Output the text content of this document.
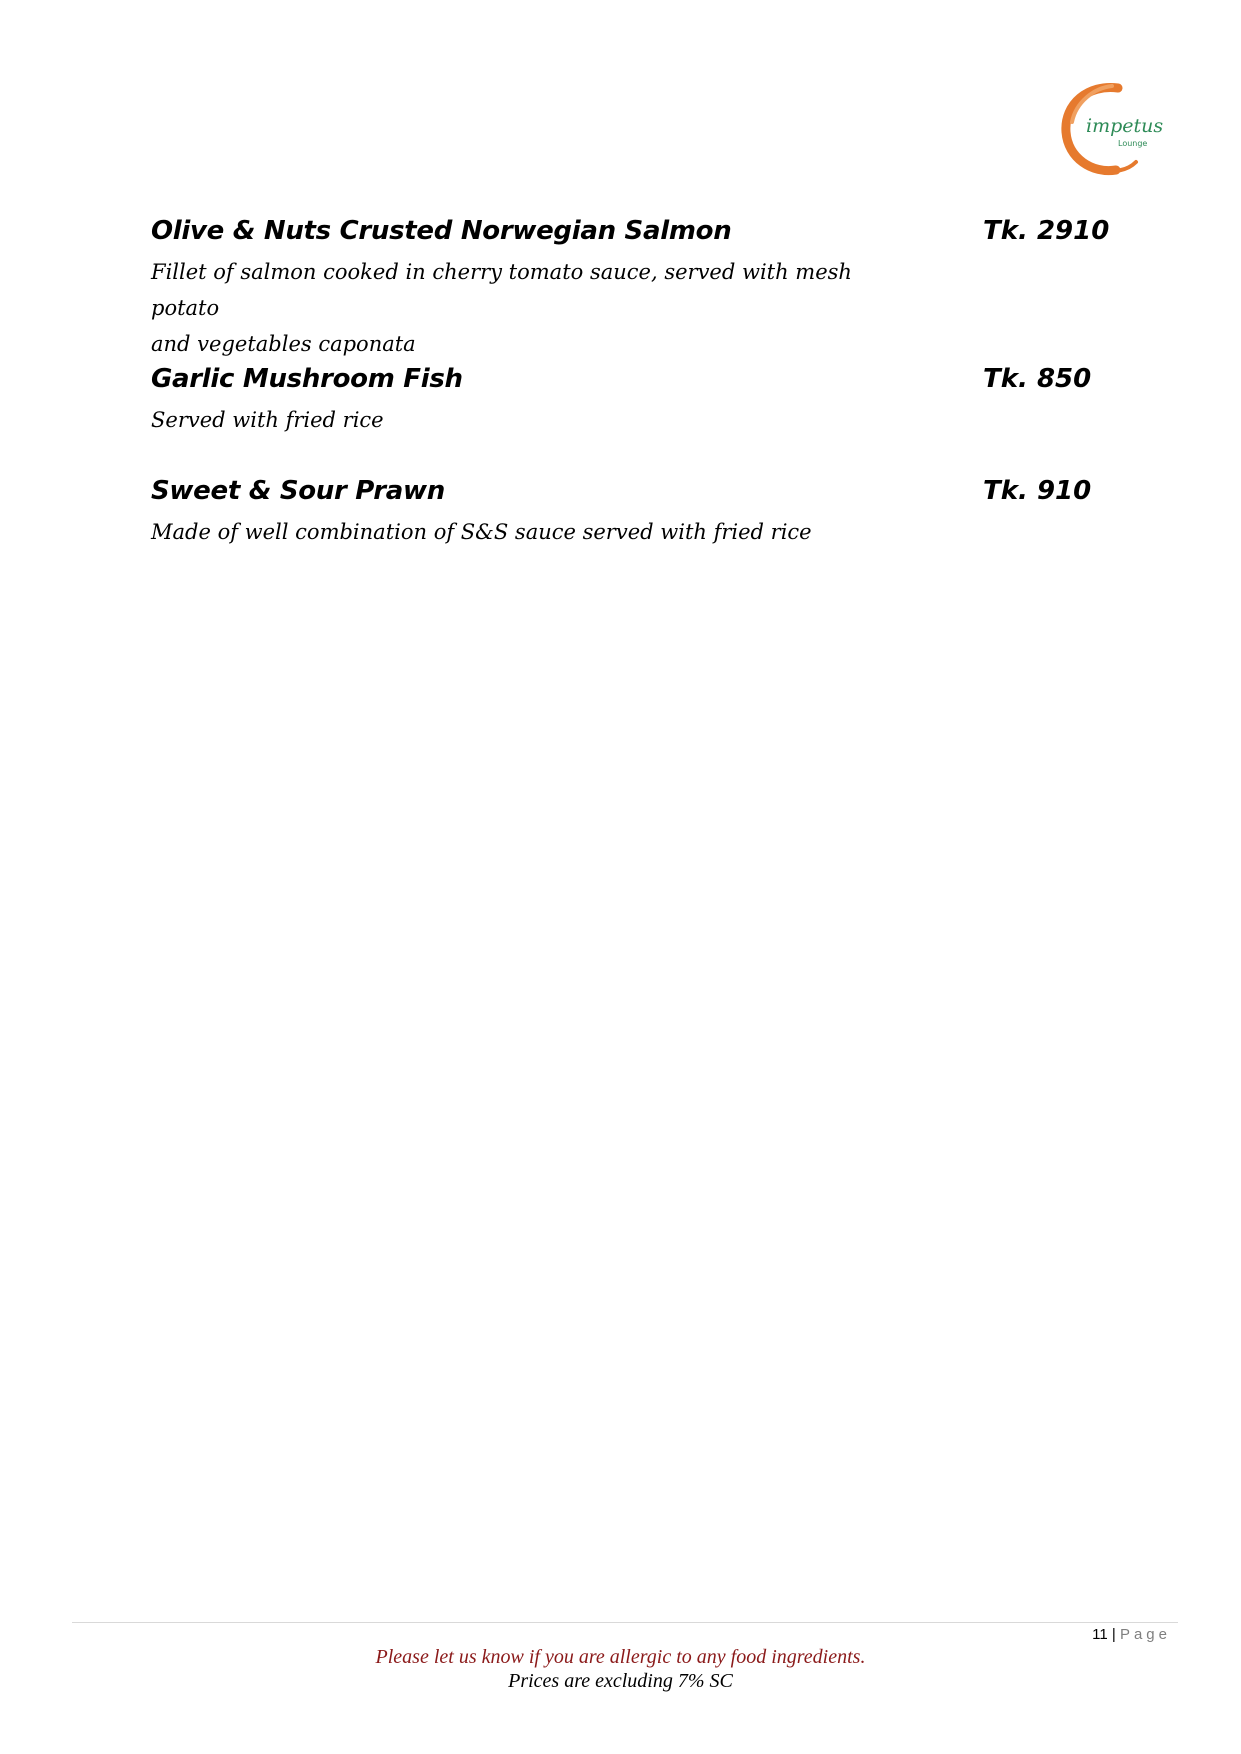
impetus
Lounge
Olive & Nuts Crusted Norwegian Salmon	Tk. 2910
Fillet of salmon cooked in cherry tomato sauce, served with mesh potato
and vegetables caponata
Garlic Mushroom Fish	Tk. 850
Served with fried rice
Sweet & Sour Prawn	Tk. 910
Made of well combination of S&S sauce served with fried rice
11 | Page
Please let us know if you are allergic to any food ingredients.
Prices are excluding 7% SC
